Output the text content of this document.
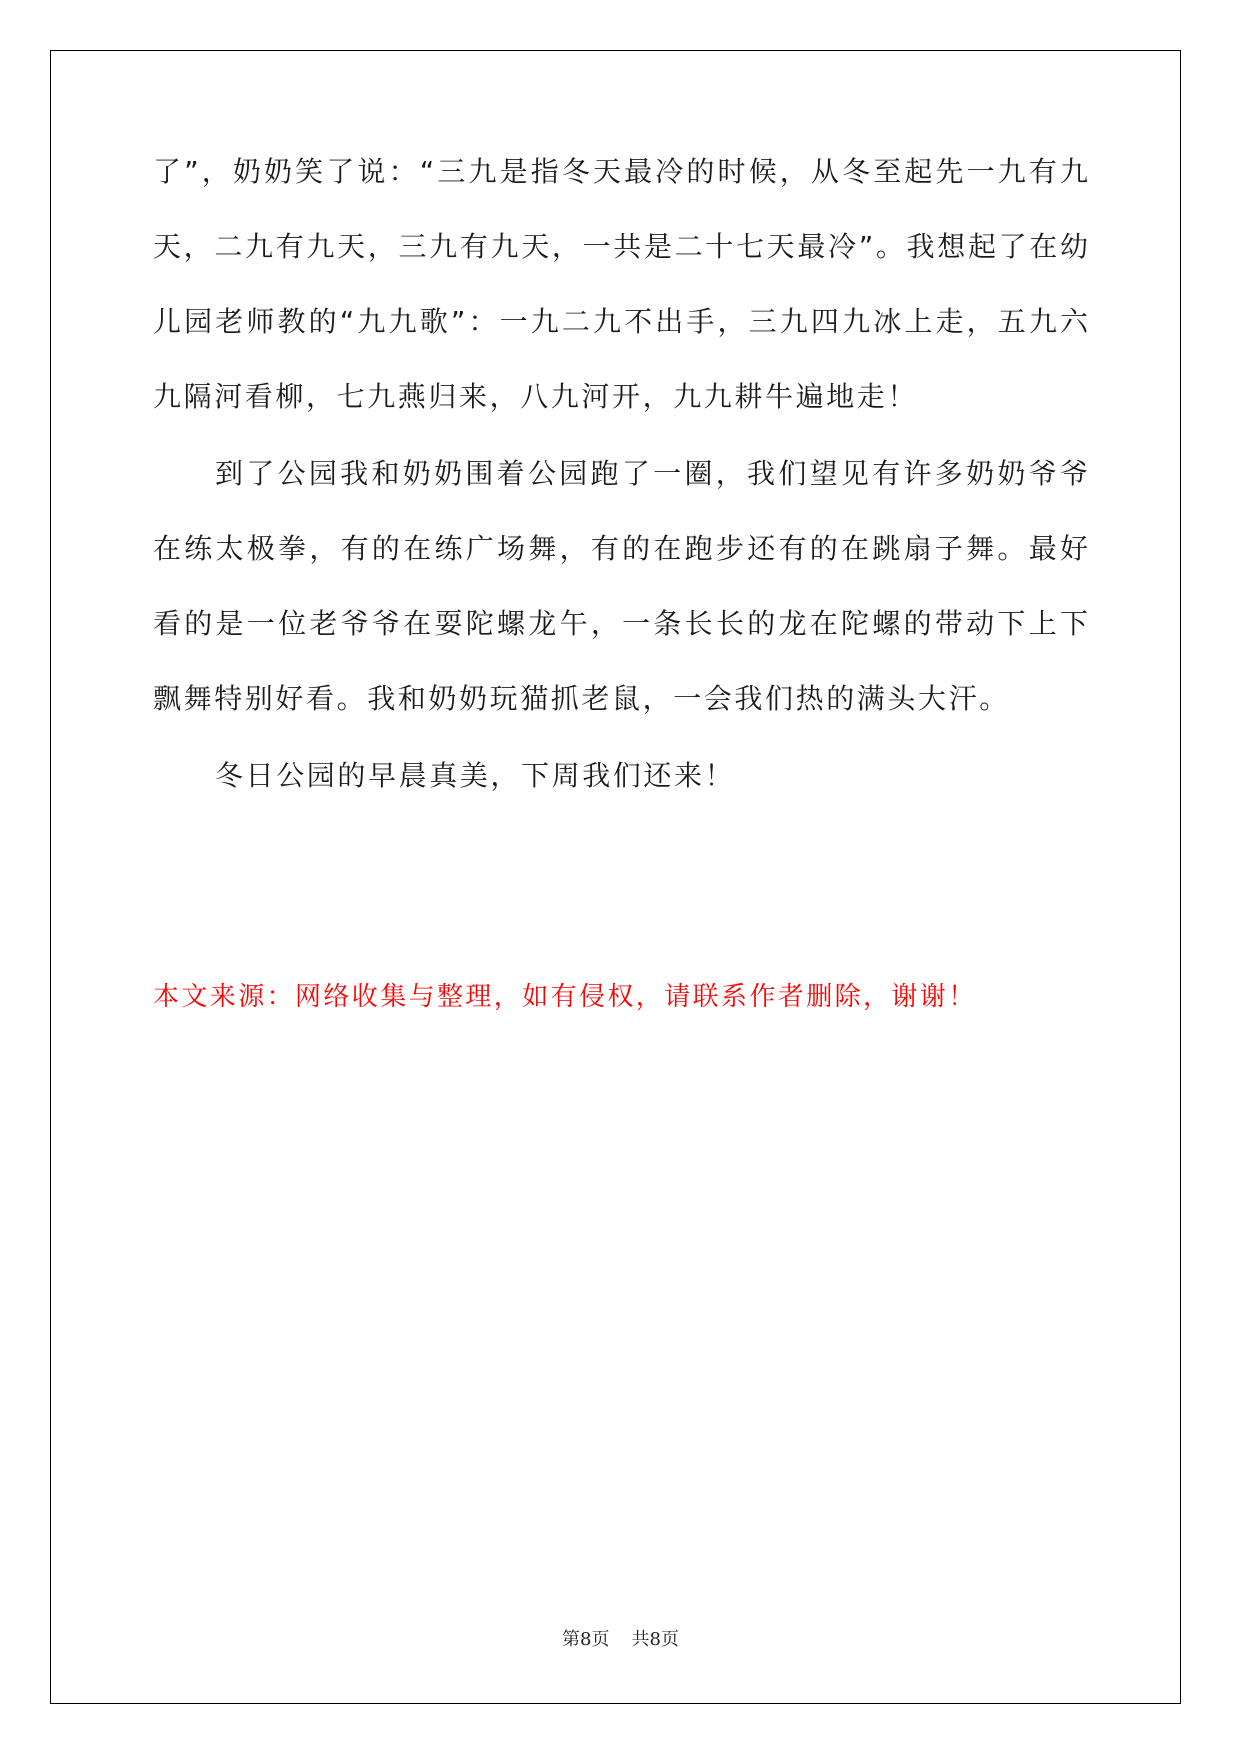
了”，奶奶笑了说：“三九是指冬天最冷的时候，从冬至起先一九有九
天，二九有九天，三九有九天，一共是二十七天最冷”。我想起了在幼
儿园老师教的“九九歌”：一九二九不出手，三九四九冰上走，五九六
九隔河看柳，七九燕归来，八九河开，九九耕牛遍地走！
到了公园我和奶奶围着公园跑了一圈，我们望见有许多奶奶爷爷
在练太极拳，有的在练广场舞，有的在跑步还有的在跳扇子舞。最好
看的是一位老爷爷在耍陀螺龙午，一条长长的龙在陀螺的带动下上下
飘舞特别好看。我和奶奶玩猫抓老鼠，一会我们热的满头大汗。
冬日公园的早晨真美，下周我们还来！
本文来源：网络收集与整理，如有侵权，请联系作者删除，谢谢！
第8页 共8页
